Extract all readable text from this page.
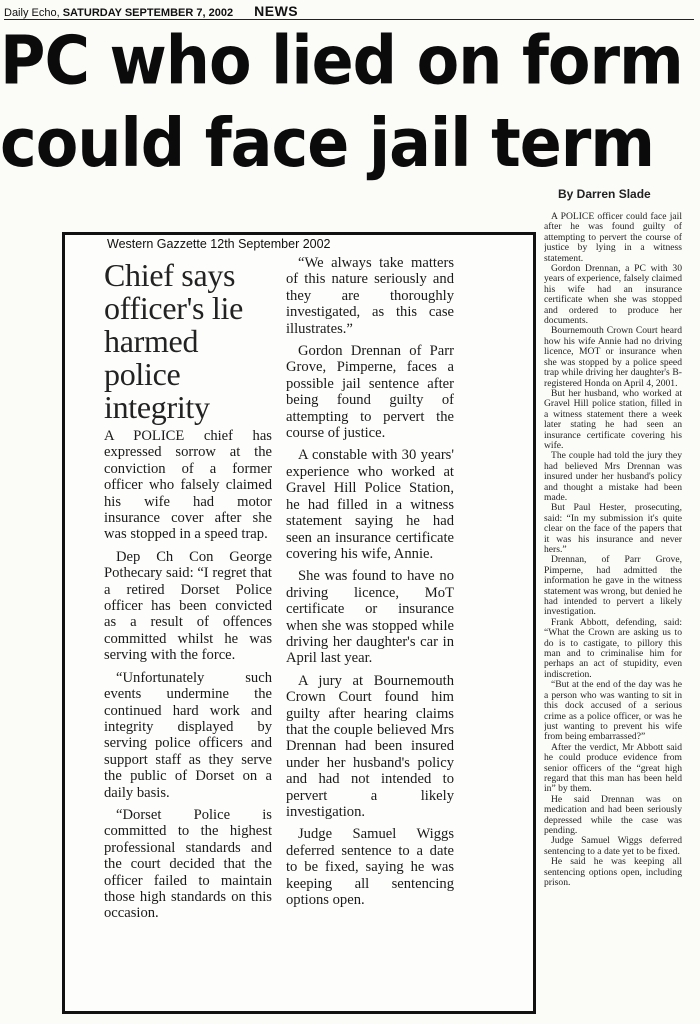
Daily Echo, SATURDAY SEPTEMBER 7, 2002 NEWS
PC who lied on form
could face jail term
By Darren Slade

A POLICE officer could face jail after he was found guilty of attempting to pervert the course of justice by lying in a witness statement.

Gordon Drennan, a PC with 30 years of experience, falsely claimed his wife had an insurance certificate when she was stopped and ordered to produce her documents.

Bournemouth Crown Court heard how his wife Annie had no driving licence, MOT or insurance when she was stopped by a police speed trap while driving her daughter's B-registered Honda on April 4, 2001.

But her husband, who worked at Gravel Hill police station, filled in a witness statement there a week later stating he had seen an insurance certificate covering his wife.

The couple had told the jury they had believed Mrs Drennan was insured under her husband's policy and thought a mistake had been made.

But Paul Hester, prosecuting, said: “In my submission it's quite clear on the face of the papers that it was his insurance and never hers.”

Drennan, of Parr Grove, Pimperne, had admitted the information he gave in the witness statement was wrong, but denied he had intended to pervert a likely investigation.

Frank Abbott, defending, said: “What the Crown are asking us to do is to castigate, to pillory this man and to criminalise him for perhaps an act of stupidity, even indiscretion.

“But at the end of the day was he a person who was wanting to sit in this dock accused of a serious crime as a police officer, or was he just wanting to prevent his wife from being embarrassed?”

After the verdict, Mr Abbott said he could produce evidence from senior officers of the “great high regard that this man has been held in” by them.

He said Drennan was on medication and had been seriously depressed while the case was pending.

Judge Samuel Wiggs deferred sentencing to a date yet to be fixed.

He said he was keeping all sentencing options open, including prison.

Western Gazzette 12th September 2002
Chief says officer's lie harmed police integrity

A POLICE chief has expressed sorrow at the conviction of a former officer who falsely claimed his wife had motor insurance cover after she was stopped in a speed trap.

Dep Ch Con George Pothecary said: “I regret that a retired Dorset Police officer has been convicted as a result of offences committed whilst he was serving with the force.

“Unfortunately such events undermine the continued hard work and integrity displayed by serving police officers and support staff as they serve the public of Dorset on a daily basis.

“Dorset Police is committed to the highest professional standards and the court decided that the officer failed to maintain those high standards on this occasion.

“We always take matters of this nature seriously and they are thoroughly investigated, as this case illustrates.”

Gordon Drennan of Parr Grove, Pimperne, faces a possible jail sentence after being found guilty of attempting to pervert the course of justice.

A constable with 30 years' experience who worked at Gravel Hill Police Station, he had filled in a witness statement saying he had seen an insurance certificate covering his wife, Annie.

She was found to have no driving licence, MoT certificate or insurance when she was stopped while driving her daughter's car in April last year.

A jury at Bournemouth Crown Court found him guilty after hearing claims that the couple believed Mrs Drennan had been insured under her husband's policy and had not intended to pervert a likely investigation.

Judge Samuel Wiggs deferred sentence to a date to be fixed, saying he was keeping all sentencing options open.
